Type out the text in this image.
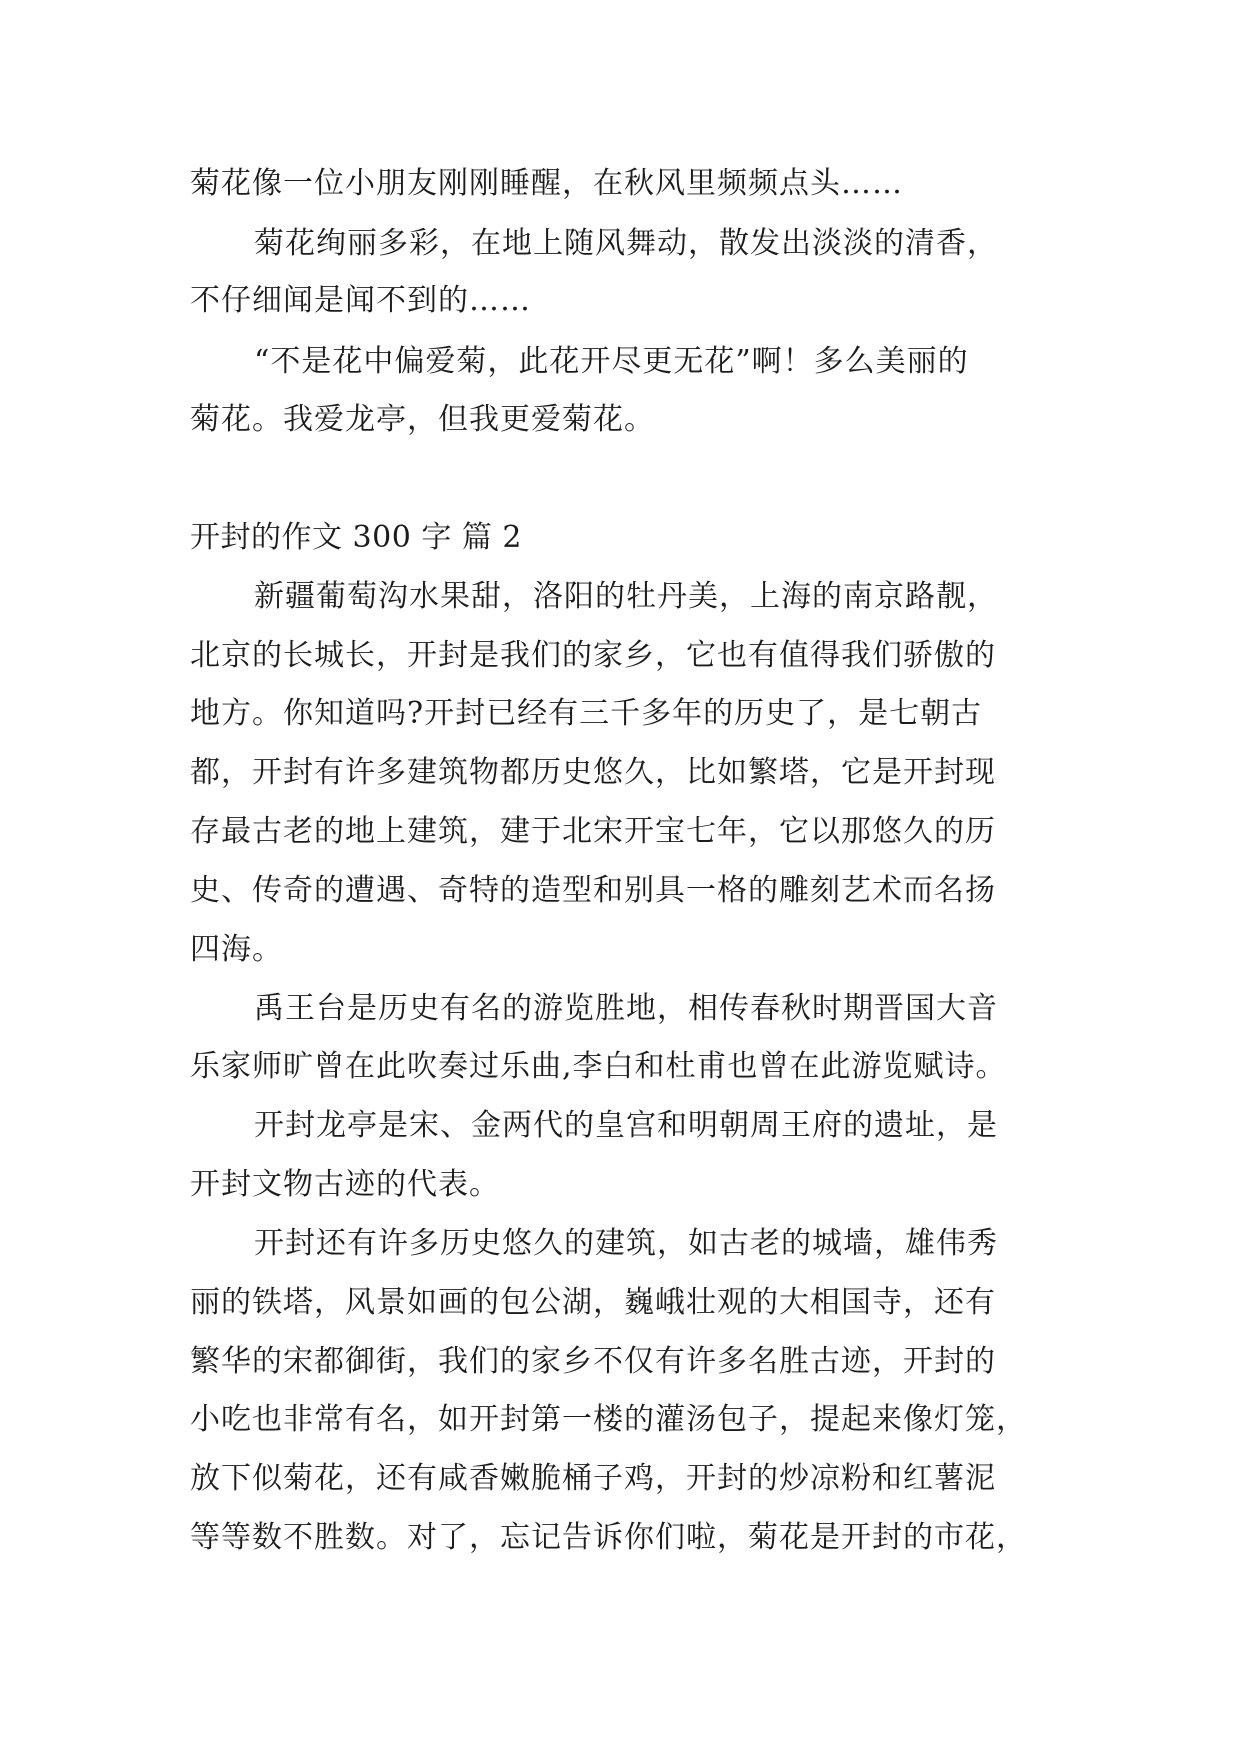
菊花像一位小朋友刚刚睡醒，在秋风里频频点头……

菊花绚丽多彩，在地上随风舞动，散发出淡淡的清香，

不仔细闻是闻不到的……

“不是花中偏爱菊，此花开尽更无花”啊！多么美丽的

菊花。我爱龙亭，但我更爱菊花。

开封的作文 300 字 篇 2

新疆葡萄沟水果甜，洛阳的牡丹美，上海的南京路靓，

北京的长城长，开封是我们的家乡，它也有值得我们骄傲的

地方。你知道吗?开封已经有三千多年的历史了，是七朝古

都，开封有许多建筑物都历史悠久，比如繁塔，它是开封现

存最古老的地上建筑，建于北宋开宝七年，它以那悠久的历

史、传奇的遭遇、奇特的造型和别具一格的雕刻艺术而名扬

四海。

禹王台是历史有名的游览胜地，相传春秋时期晋国大音

乐家师旷曾在此吹奏过乐曲,李白和杜甫也曾在此游览赋诗。

开封龙亭是宋、金两代的皇宫和明朝周王府的遗址，是

开封文物古迹的代表。

开封还有许多历史悠久的建筑，如古老的城墙，雄伟秀

丽的铁塔，风景如画的包公湖，巍峨壮观的大相国寺，还有

繁华的宋都御街，我们的家乡不仅有许多名胜古迹，开封的

小吃也非常有名，如开封第一楼的灌汤包子，提起来像灯笼，

放下似菊花，还有咸香嫩脆桶子鸡，开封的炒凉粉和红薯泥

等等数不胜数。对了，忘记告诉你们啦，菊花是开封的市花，
